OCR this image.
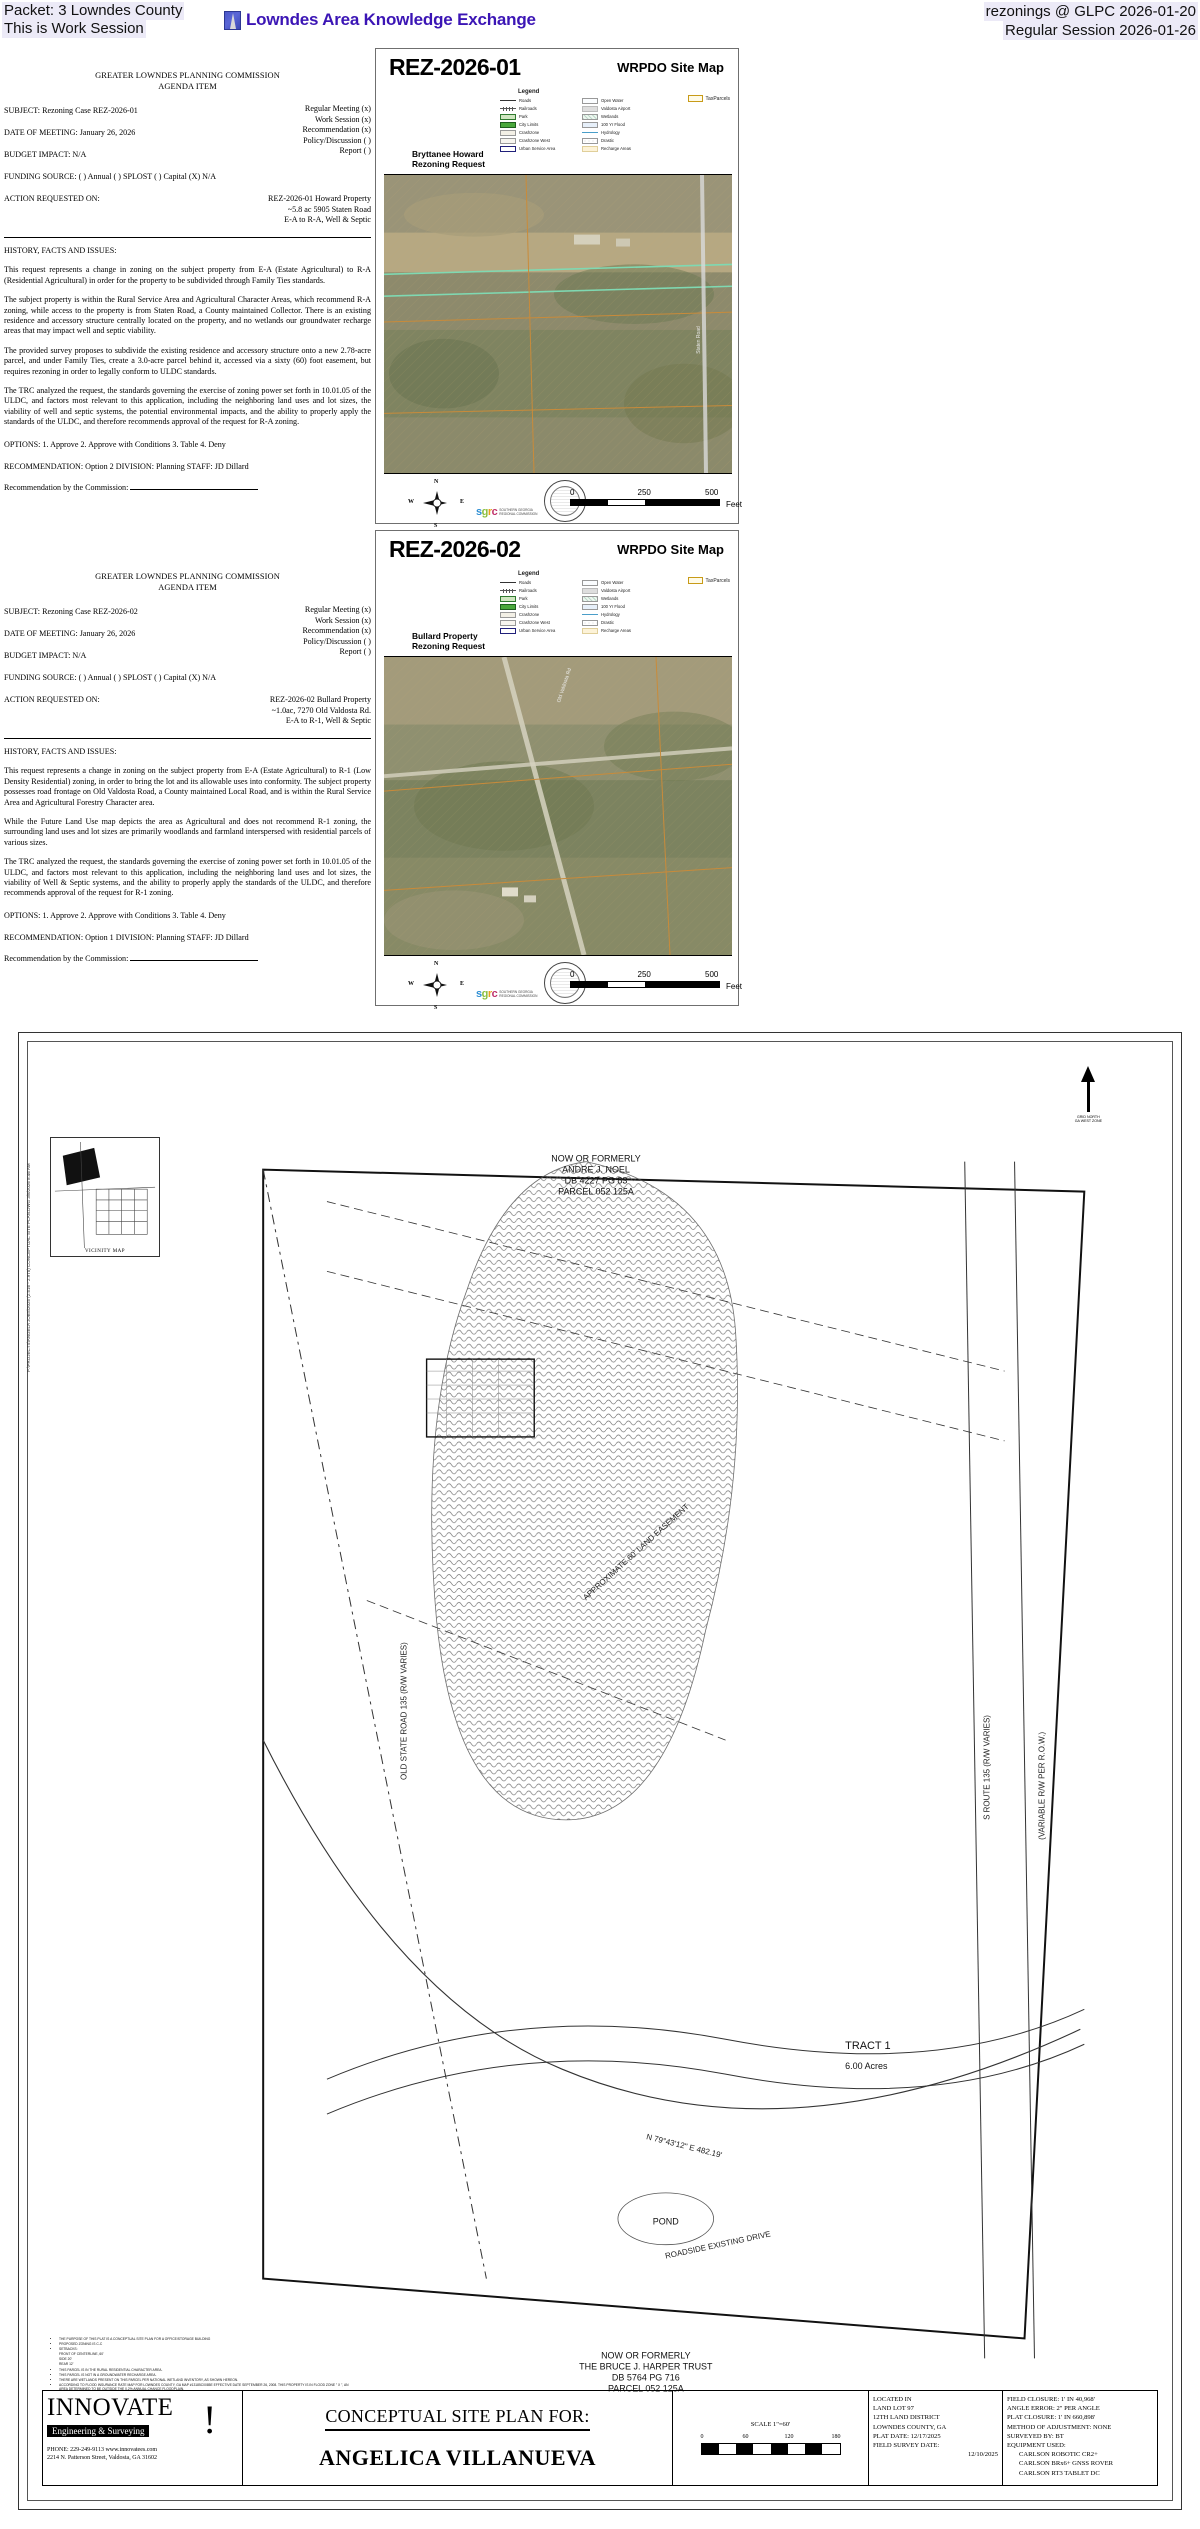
Packet: 3 Lowndes County
This is Work Session	Lowndes Area Knowledge Exchange	rezonings @ GLPC 2026-01-20
Regular Session 2026-01-26
GREATER LOWNDES PLANNING COMMISSION
AGENDA ITEM
SUBJECT: Rezoning Case REZ-2026-01	Regular Meeting (x)
Work Session (x)
Recommendation (x)
Policy/Discussion ( )
Report ( )
DATE OF MEETING: January 26, 2026
BUDGET IMPACT: N/A
FUNDING SOURCE: ( ) Annual ( ) SPLOST ( ) Capital (X) N/A
ACTION REQUESTED ON:	REZ-2026-01 Howard Property
~5.8 ac 5905 Staten Road
E-A to R-A, Well & Septic
HISTORY, FACTS AND ISSUES:

This request represents a change in zoning on the subject property from E-A (Estate Agricultural) to R-A (Residential Agricultural) in order for the property to be subdivided through Family Ties standards.

The subject property is within the Rural Service Area and Agricultural Character Areas, which recommend R-A zoning, while access to the property is from Staten Road, a County maintained Collector. There is an existing residence and accessory structure centrally located on the property, and no wetlands our groundwater recharge areas that may impact well and septic viability.

The provided survey proposes to subdivide the existing residence and accessory structure onto a new 2.78-acre parcel, and under Family Ties, create a 3.0-acre parcel behind it, accessed via a sixty (60) foot easement, but requires rezoning in order to legally conform to ULDC standards.

The TRC analyzed the request, the standards governing the exercise of zoning power set forth in 10.01.05 of the ULDC, and factors most relevant to this application, including the neighboring land uses and lot sizes, the viability of well and septic systems, the potential environmental impacts, and the ability to properly apply the standards of the ULDC, and therefore recommends approval of the request for R-A zoning.

OPTIONS: 1. Approve 2. Approve with Conditions 3. Table 4. Deny

RECOMMENDATION: Option 2 DIVISION: Planning STAFF: JD Dillard

Recommendation by the Commission:

GREATER LOWNDES PLANNING COMMISSION
AGENDA ITEM
SUBJECT: Rezoning Case REZ-2026-02	Regular Meeting (x)
Work Session (x)
Recommendation (x)
Policy/Discussion ( )
Report ( )
DATE OF MEETING: January 26, 2026
BUDGET IMPACT: N/A
FUNDING SOURCE: ( ) Annual ( ) SPLOST ( ) Capital (X) N/A
ACTION REQUESTED ON:	REZ-2026-02 Bullard Property
~1.0ac, 7270 Old Valdosta Rd.
E-A to R-1, Well & Septic
HISTORY, FACTS AND ISSUES:

This request represents a change in zoning on the subject property from E-A (Estate Agricultural) to R-1 (Low Density Residential) zoning, in order to bring the lot and its allowable uses into conformity. The subject property possesses road frontage on Old Valdosta Road, a County maintained Local Road, and is within the Rural Service Area and Agricultural Forestry Character area.

While the Future Land Use map depicts the area as Agricultural and does not recommend R-1 zoning, the surrounding land uses and lot sizes are primarily woodlands and farmland interspersed with residential parcels of various sizes.

The TRC analyzed the request, the standards governing the exercise of zoning power set forth in 10.01.05 of the ULDC, and factors most relevant to this application, including the neighboring land uses and lot sizes, the viability of Well & Septic systems, and the ability to properly apply the standards of the ULDC, and therefore recommends approval of the request for R-1 zoning.

OPTIONS: 1. Approve 2. Approve with Conditions 3. Table 4. Deny

RECOMMENDATION: Option 1 DIVISION: Planning STAFF: JD Dillard

Recommendation by the Commission:

REZ-2026-01	WRPDO Site Map
Legend
Roads
Railroads
Park
City Limits
Crashzone
Crashzone West
Urban Service Area
Open Water
Valdosta Airport
Wetlands
100 Yr Flood
Hydrology
Drastic
Recharge Areas
TaxParcels
Bryttanee Howard
Rezoning Request
Staten Road
N
S
E
W
sgrc SOUTHERN GEORGIA
REGIONAL COMMISSION
0	250	500
Feet
REZ-2026-02	WRPDO Site Map
Legend
Roads
Railroads
Park
City Limits
Crashzone
Crashzone West
Urban Service Area
Open Water
Valdosta Airport
Wetlands
100 Yr Flood
Hydrology
Drastic
Recharge Areas
TaxParcels
Bullard Property
Rezoning Request
Old Valdosta Rd
N
S
E
W
sgrc SOUTHERN GEORGIA
REGIONAL COMMISSION
0	250	500
Feet
P:\PROJECTS\ANGELA JOBS\2025 (2.516 - 2.975) CONCEPTUAL SITE PLAN.DWG 3/8/2026 8:46 AM	VICINITY MAP
GRID NORTH
GA WEST ZONE
NOW OR FORMERLY
ANDRE J. NOEL
DB 4227 PG 83
PARCEL 052 125A
NOW OR FORMERLY
THE BRUCE J. HARPER TRUST
DB 5764 PG 716
PARCEL 052 125A
POND
TRACT 1
6.00 Acres
OLD STATE ROAD 135 (R/W VARIES)	S ROUTE 135 (R/W VARIES)	(VARIABLE R/W PER R.O.W.)
ROADSIDE EXISTING DRIVE
N 79°43'12" E 482.19'
APPROXIMATE 60' LAND EASEMENT
• THE PURPOSE OF THIS PLAT IS A CONCEPTUAL SITE PLAN FOR A OFFICE/STORAGE BUILDING
• PROPOSED ZONING IS C-C
• SETBACKS:
FRONT OF CENTERLINE, 60'
SIDE 20'
REAR 12'
• THIS PARCEL IS IN THE RURAL RESIDENTIAL CHARACTER AREA.
• THIS PARCEL IS NOT IN A GROUNDWATER RECHARGE AREA.
• THERE ARE WETLANDS PRESENT ON THIS PARCEL PER NATIONAL WETLAND INVENTORY, AS SHOWN HEREON.
• ACCORDING TO FLOOD INSURANCE RATE MAP FOR LOWNDES COUNTY, GA MAP #13185C0085E EFFECTIVE DATE SEPTEMBER 26, 2008. THIS PROPERTY IS IN FLOOD ZONE " X ", AN AREA DETERMINED TO BE OUTSIDE THE 0.2% ANNUAL CHANCE FLOODPLAIN.
INNOVATE
Engineering & Surveying !
PHONE: 229-249-9113 www.innovatees.com
2214 N. Patterson Street, Valdosta, GA 31602
CONCEPTUAL SITE PLAN FOR:
ANGELICA VILLANUEVA
SCALE 1"=60'
0	60	120	180
LOCATED IN
LAND LOT 97
12TH LAND DISTRICT
LOWNDES COUNTY, GA
PLAT DATE: 12/17/2025
FIELD SURVEY DATE:
12/10/2025
FIELD CLOSURE: 1' IN 40,968'
ANGLE ERROR: 2" PER ANGLE
PLAT CLOSURE: 1' IN 660,898'
METHOD OF ADJUSTMENT: NONE
SURVEYED BY: BT
EQUIPMENT USED:
CARLSON ROBOTIC CR2+
CARLSON BRx6+ GNSS ROVER
CARLSON RT3 TABLET DC
